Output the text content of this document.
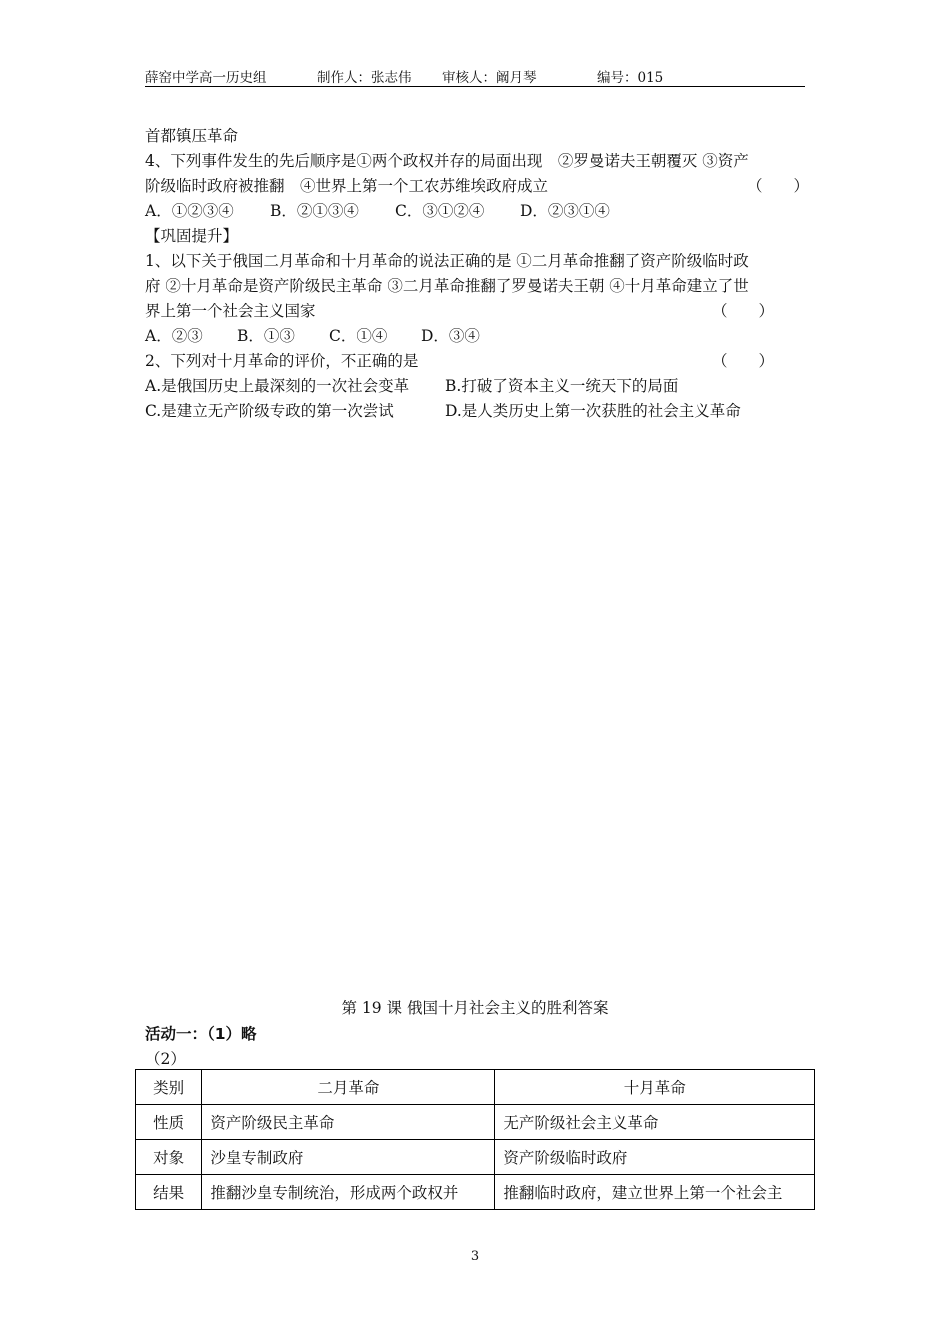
薛窑中学高一历史组	制作人：张志伟 审核人：阚月琴	编号：015
首都镇压革命
4、下列事件发生的先后顺序是①两个政权并存的局面出现　②罗曼诺夫王朝覆灭 ③资产
阶级临时政府被推翻　④世界上第一个工农苏维埃政府成立	（　　）
A．①②③④ B．②①③④ C．③①②④ D．②③①④
【巩固提升】
1、以下关于俄国二月革命和十月革命的说法正确的是 ①二月革命推翻了资产阶级临时政
府 ②十月革命是资产阶级民主革命 ③二月革命推翻了罗曼诺夫王朝 ④十月革命建立了世
界上第一个社会主义国家	（　　）
A．②③ B．①③ C．①④ D．③④
2、下列对十月革命的评价，不正确的是	（　　）
A.是俄国历史上最深刻的一次社会变革 B.打破了资本主义一统天下的局面
C.是建立无产阶级专政的第一次尝试	D.是人类历史上第一次获胜的社会主义革命
第 19 课 俄国十月社会主义的胜利答案
活动一：（1）略
（2）
类别	二月革命	十月革命
性质	资产阶级民主革命	无产阶级社会主义革命
对象	沙皇专制政府	资产阶级临时政府
结果	推翻沙皇专制统治，形成两个政权并	推翻临时政府，建立世界上第一个社会主
3
